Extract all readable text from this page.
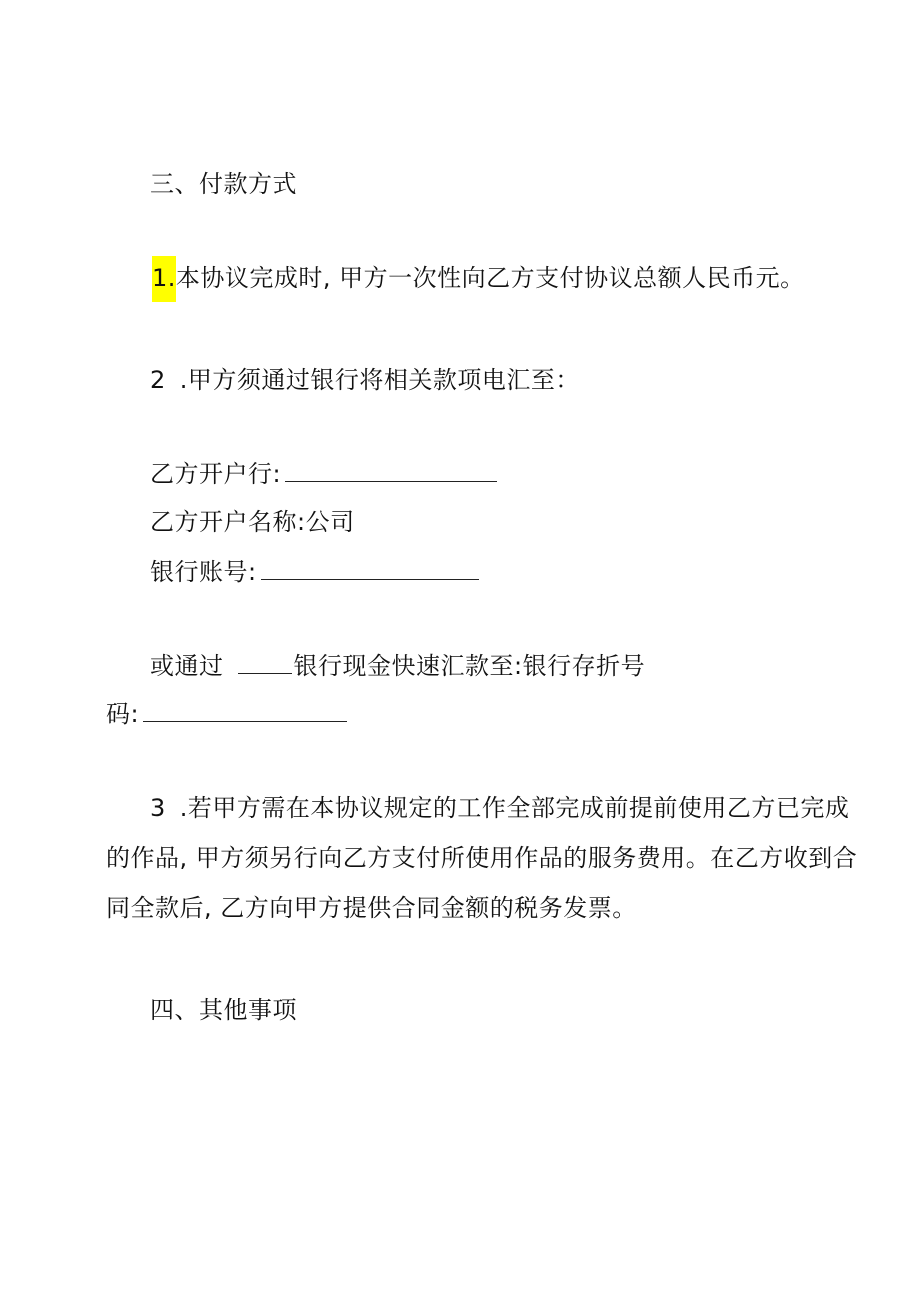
三、付款方式
1.本协议完成时, 甲方一次性向乙方支付协议总额人民币元。
2 .甲方须通过银行将相关款项电汇至：
乙方开户行:
乙方开户名称:公司
银行账号:
或通过	银行现金快速汇款至:银行存折号
码:
3 .若甲方需在本协议规定的工作全部完成前提前使用乙方已完成
的作品, 甲方须另行向乙方支付所使用作品的服务费用。在乙方收到合
同全款后, 乙方向甲方提供合同金额的税务发票。
四、其他事项
